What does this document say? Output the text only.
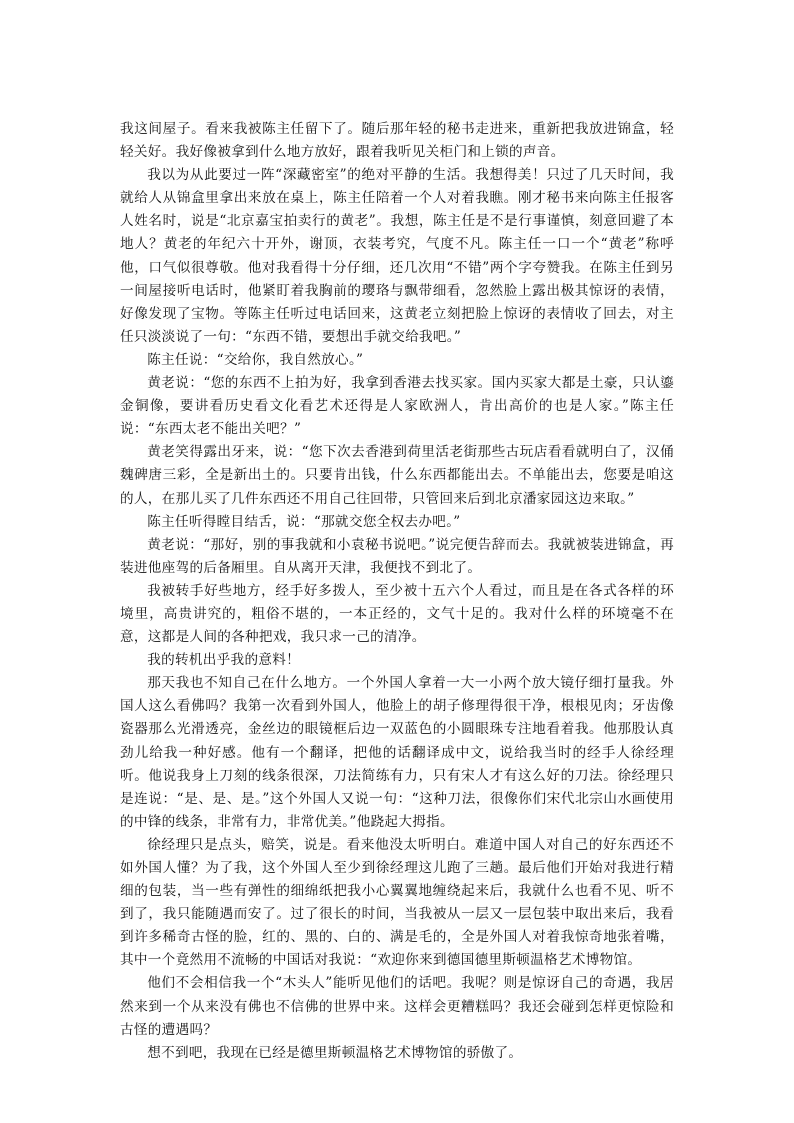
我这间屋子。看来我被陈主任留下了。随后那年轻的秘书走进来，重新把我放进锦盒，轻轻关好。我好像被拿到什么地方放好，跟着我听见关柜门和上锁的声音。

我以为从此要过一阵“深藏密室”的绝对平静的生活。我想得美！只过了几天时间，我就给人从锦盒里拿出来放在桌上，陈主任陪着一个人对着我瞧。刚才秘书来向陈主任报客人姓名时，说是“北京嘉宝拍卖行的黄老”。我想，陈主任是不是行事谨慎，刻意回避了本地人？黄老的年纪六十开外，谢顶，衣装考究，气度不凡。陈主任一口一个“黄老”称呼他，口气似很尊敬。他对我看得十分仔细，还几次用“不错”两个字夸赞我。在陈主任到另一间屋接听电话时，他紧盯着我胸前的璎珞与飘带细看，忽然脸上露出极其惊讶的表情，好像发现了宝物。等陈主任听过电话回来，这黄老立刻把脸上惊讶的表情收了回去，对主任只淡淡说了一句：“东西不错，要想出手就交给我吧。”

陈主任说：“交给你，我自然放心。”

黄老说：“您的东西不上拍为好，我拿到香港去找买家。国内买家大都是土豪，只认鎏金铜像，要讲看历史看文化看艺术还得是人家欧洲人，肯出高价的也是人家。”陈主任说：“东西太老不能出关吧？”

黄老笑得露出牙来，说：“您下次去香港到荷里活老街那些古玩店看看就明白了，汉俑魏碑唐三彩，全是新出土的。只要肯出钱，什么东西都能出去。不单能出去，您要是咱这的人，在那儿买了几件东西还不用自己往回带，只管回来后到北京潘家园这边来取。”

陈主任听得瞠目结舌，说：“那就交您全权去办吧。”

黄老说：“那好，别的事我就和小袁秘书说吧。”说完便告辞而去。我就被装进锦盒，再装进他座驾的后备厢里。自从离开天津，我便找不到北了。

我被转手好些地方，经手好多拨人，至少被十五六个人看过，而且是在各式各样的环境里，高贵讲究的，粗俗不堪的，一本正经的，文气十足的。我对什么样的环境毫不在意，这都是人间的各种把戏，我只求一己的清净。

我的转机出乎我的意料！

那天我也不知自己在什么地方。一个外国人拿着一大一小两个放大镜仔细打量我。外国人这么看佛吗？我第一次看到外国人，他脸上的胡子修理得很干净，根根见肉；牙齿像瓷器那么光滑透亮，金丝边的眼镜框后边一双蓝色的小圆眼珠专注地看着我。他那股认真劲儿给我一种好感。他有一个翻译，把他的话翻译成中文，说给我当时的经手人徐经理听。他说我身上刀刻的线条很深，刀法简练有力，只有宋人才有这么好的刀法。徐经理只是连说：“是、是、是。”这个外国人又说一句：“这种刀法，很像你们宋代北宗山水画使用的中锋的线条，非常有力，非常优美。”他跷起大拇指。

徐经理只是点头，赔笑，说是。看来他没太听明白。难道中国人对自己的好东西还不如外国人懂？为了我，这个外国人至少到徐经理这儿跑了三趟。最后他们开始对我进行精细的包装，当一些有弹性的细绵纸把我小心翼翼地缠绕起来后，我就什么也看不见、听不到了，我只能随遇而安了。过了很长的时间，当我被从一层又一层包装中取出来后，我看到许多稀奇古怪的脸，红的、黑的、白的、满是毛的，全是外国人对着我惊奇地张着嘴，其中一个竟然用不流畅的中国话对我说：“欢迎你来到德国德里斯顿温格艺术博物馆。

他们不会相信我一个“木头人”能听见他们的话吧。我呢？则是惊讶自己的奇遇，我居然来到一个从来没有佛也不信佛的世界中来。这样会更糟糕吗？我还会碰到怎样更惊险和古怪的遭遇吗？

想不到吧，我现在已经是德里斯顿温格艺术博物馆的骄傲了。
